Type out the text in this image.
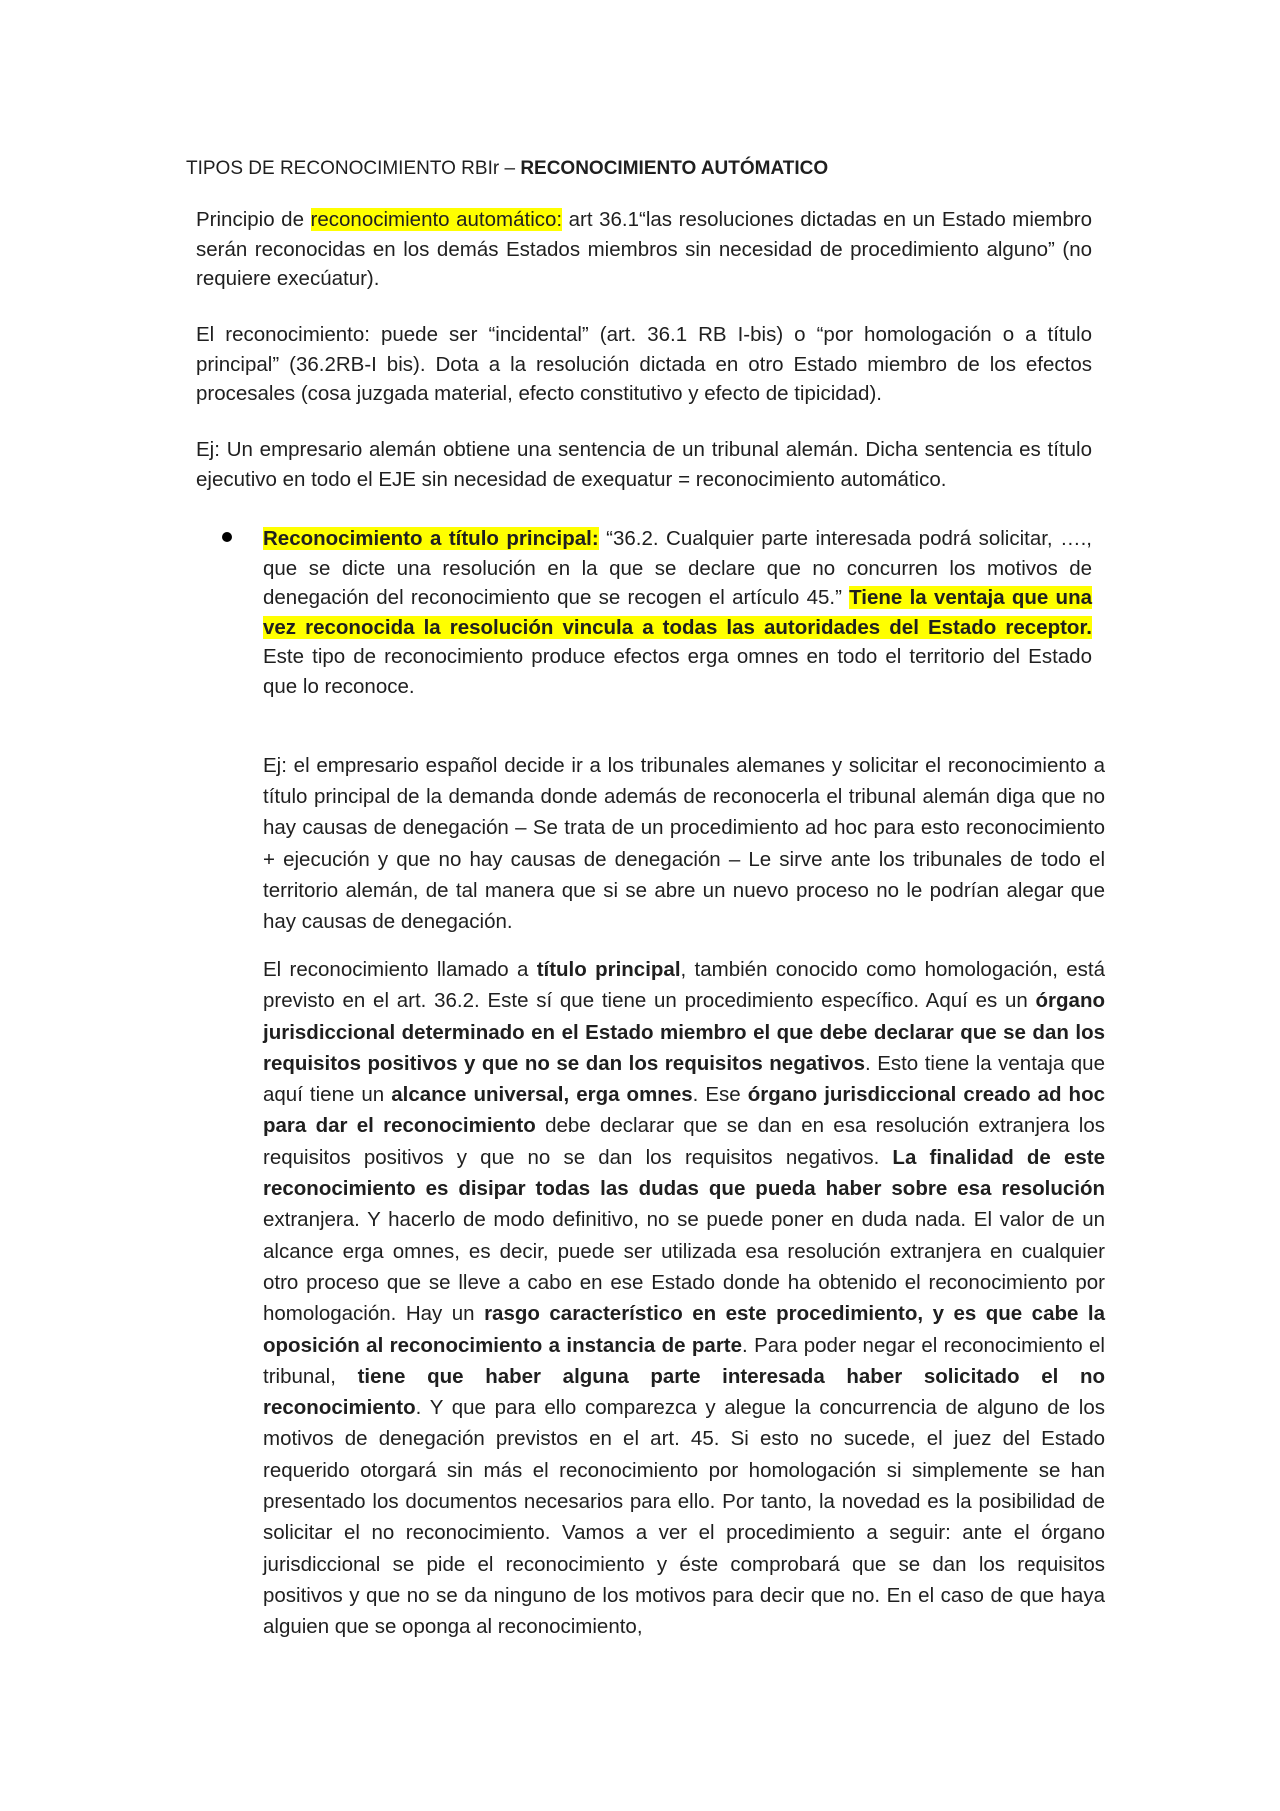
TIPOS DE RECONOCIMIENTO RBIr – RECONOCIMIENTO AUTÓMATICO
Principio de reconocimiento automático: art 36.1“las resoluciones dictadas en un Estado miembro serán reconocidas en los demás Estados miembros sin necesidad de procedimiento alguno” (no requiere execúatur).
El reconocimiento: puede ser “incidental” (art. 36.1 RB I-bis) o “por homologación o a título principal” (36.2RB-I bis). Dota a la resolución dictada en otro Estado miembro de los efectos procesales (cosa juzgada material, efecto constitutivo y efecto de tipicidad).
Ej: Un empresario alemán obtiene una sentencia de un tribunal alemán. Dicha sentencia es título ejecutivo en todo el EJE sin necesidad de exequatur = reconocimiento automático.
Reconocimiento a título principal: “36.2. Cualquier parte interesada podrá solicitar, …., que se dicte una resolución en la que se declare que no concurren los motivos de denegación del reconocimiento que se recogen el artículo 45.” Tiene la ventaja que una vez reconocida la resolución vincula a todas las autoridades del Estado receptor. Este tipo de reconocimiento produce efectos erga omnes en todo el territorio del Estado que lo reconoce.
Ej: el empresario español decide ir a los tribunales alemanes y solicitar el reconocimiento a título principal de la demanda donde además de reconocerla el tribunal alemán diga que no hay causas de denegación – Se trata de un procedimiento ad hoc para esto reconocimiento + ejecución y que no hay causas de denegación – Le sirve ante los tribunales de todo el territorio alemán, de tal manera que si se abre un nuevo proceso no le podrían alegar que hay causas de denegación.
El reconocimiento llamado a título principal, también conocido como homologación, está previsto en el art. 36.2. Este sí que tiene un procedimiento específico. Aquí es un órgano jurisdiccional determinado en el Estado miembro el que debe declarar que se dan los requisitos positivos y que no se dan los requisitos negativos. Esto tiene la ventaja que aquí tiene un alcance universal, erga omnes. Ese órgano jurisdiccional creado ad hoc para dar el reconocimiento debe declarar que se dan en esa resolución extranjera los requisitos positivos y que no se dan los requisitos negativos. La finalidad de este reconocimiento es disipar todas las dudas que pueda haber sobre esa resolución extranjera. Y hacerlo de modo definitivo, no se puede poner en duda nada. El valor de un alcance erga omnes, es decir, puede ser utilizada esa resolución extranjera en cualquier otro proceso que se lleve a cabo en ese Estado donde ha obtenido el reconocimiento por homologación. Hay un rasgo característico en este procedimiento, y es que cabe la oposición al reconocimiento a instancia de parte. Para poder negar el reconocimiento el tribunal, tiene que haber alguna parte interesada haber solicitado el no reconocimiento. Y que para ello comparezca y alegue la concurrencia de alguno de los motivos de denegación previstos en el art. 45. Si esto no sucede, el juez del Estado requerido otorgará sin más el reconocimiento por homologación si simplemente se han presentado los documentos necesarios para ello. Por tanto, la novedad es la posibilidad de solicitar el no reconocimiento. Vamos a ver el procedimiento a seguir: ante el órgano jurisdiccional se pide el reconocimiento y éste comprobará que se dan los requisitos positivos y que no se da ninguno de los motivos para decir que no. En el caso de que haya alguien que se oponga al reconocimiento,
